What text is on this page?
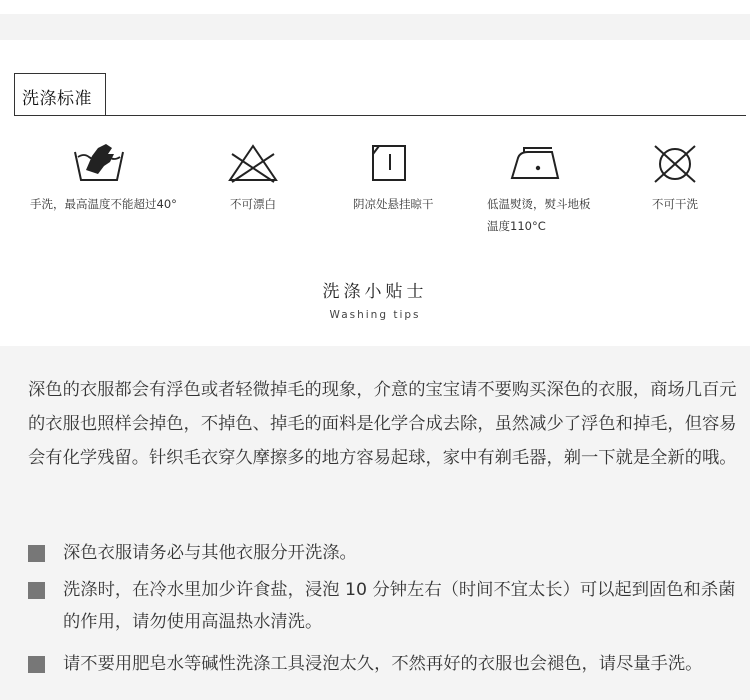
洗涤标准
手洗，最高温度不能超过40°	不可漂白	阴凉处悬挂晾干	低温熨烫，熨斗地板
温度110°C
不可干洗
洗涤小贴士
Washing tips

深色的衣服都会有浮色或者轻微掉毛的现象，介意的宝宝请不要购买深色的衣服，商场几百元的衣服也照样会掉色，不掉色、掉毛的面料是化学合成去除，虽然减少了浮色和掉毛，但容易会有化学残留。针织毛衣穿久摩擦多的地方容易起球，家中有剃毛器，剃一下就是全新的哦。

深色衣服请务必与其他衣服分开洗涤。
洗涤时，在冷水里加少许食盐，浸泡 10 分钟左右（时间不宜太长）可以起到固色和杀菌的作用，请勿使用高温热水清洗。
请不要用肥皂水等碱性洗涤工具浸泡太久，不然再好的衣服也会褪色，请尽量手洗。
